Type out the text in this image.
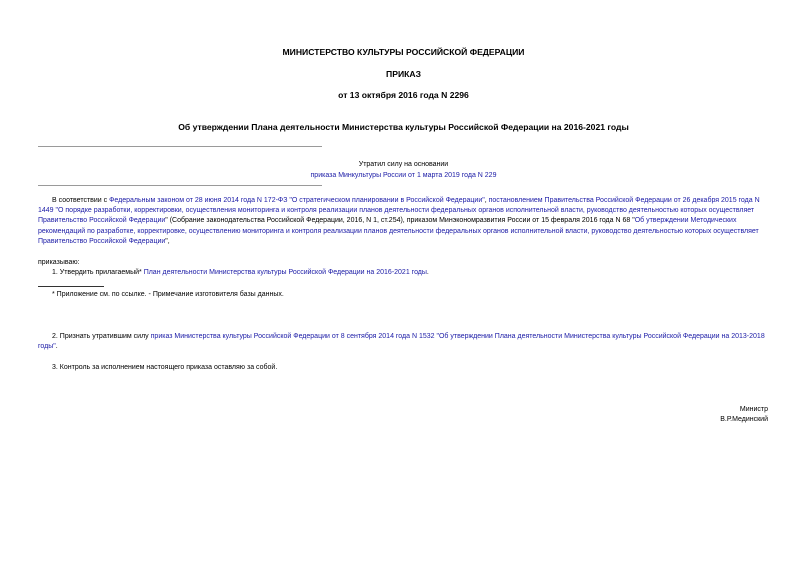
МИНИСТЕРСТВО КУЛЬТУРЫ РОССИЙСКОЙ ФЕДЕРАЦИИ
ПРИКАЗ
от 13 октября 2016 года N 2296
Об утверждении Плана деятельности Министерства культуры Российской Федерации на 2016-2021 годы
Утратил силу на основании
приказа Минкультуры России от 1 марта 2019 года N 229
В соответствии с Федеральным законом от 28 июня 2014 года N 172-ФЗ "О стратегическом планировании в Российской Федерации", постановлением Правительства Российской Федерации от 26 декабря 2015 года N 1449 "О порядке разработки, корректировки, осуществления мониторинга и контроля реализации планов деятельности федеральных органов исполнительной власти, руководство деятельностью которых осуществляет Правительство Российской Федерации" (Собрание законодательства Российской Федерации, 2016, N 1, ст.254), приказом Минэкономразвития России от 15 февраля 2016 года N 68 "Об утверждении Методических рекомендаций по разработке, корректировке, осуществлению мониторинга и контроля реализации планов деятельности федеральных органов исполнительной власти, руководство деятельностью которых осуществляет Правительство Российской Федерации",
приказываю:
1. Утвердить прилагаемый* План деятельности Министерства культуры Российской Федерации на 2016-2021 годы.
* Приложение см. по ссылке. - Примечание изготовителя базы данных.
2. Признать утратившим силу приказ Министерства культуры Российской Федерации от 8 сентября 2014 года N 1532 "Об утверждении Плана деятельности Министерства культуры Российской Федерации на 2013-2018 годы".
3. Контроль за исполнением настоящего приказа оставляю за собой.
Министр
В.Р.Мединский
